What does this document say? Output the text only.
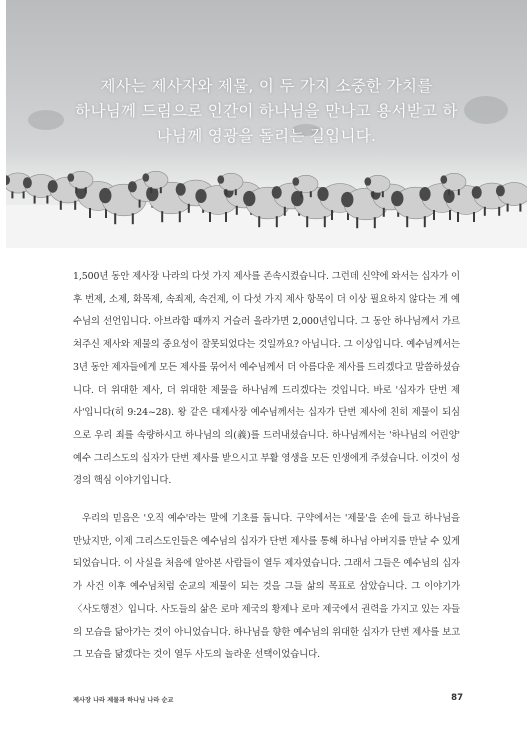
제사는 제사자와 제물, 이 두 가지 소중한 가치를
하나님께 드림으로 인간이 하나님을 만나고 용서받고 하
나님께 영광을 돌리는 길입니다.

1,500년 동안 제사장 나라의 다섯 가지 제사를 존속시켰습니다. 그런데 신약에 와서는 십자가 이후 번제, 소제, 화목제, 속죄제, 속건제, 이 다섯 가지 제사 항목이 더 이상 필요하지 않다는 게 예수님의 선언입니다. 아브라함 때까지 거슬러 올라가면 2,000년입니다. 그 동안 하나님께서 가르쳐주신 제사와 제물의 중요성이 잘못되었다는 것일까요? 아닙니다. 그 이상입니다. 예수님께서는 3년 동안 제자들에게 모든 제사를 묶어서 예수님께서 더 아름다운 제사를 드리겠다고 말씀하셨습니다. 더 위대한 제사, 더 위대한 제물을 하나님께 드리겠다는 것입니다. 바로 '십자가 단번 제사'입니다(히 9:24~28). 왕 같은 대제사장 예수님께서는 십자가 단번 제사에 친히 제물이 되심으로 우리 죄를 속량하시고 하나님의 의(義)를 드러내셨습니다. 하나님께서는 '하나님의 어린양' 예수 그리스도의 십자가 단번 제사를 받으시고 부활 영생을 모든 인생에게 주셨습니다. 이것이 성경의 핵심 이야기입니다.

우리의 믿음은 '오직 예수'라는 말에 기초를 둡니다. 구약에서는 '제물'을 손에 들고 하나님을 만났지만, 이제 그리스도인들은 예수님의 십자가 단번 제사를 통해 하나님 아버지를 만날 수 있게 되었습니다. 이 사실을 처음에 알아본 사람들이 열두 제자였습니다. 그래서 그들은 예수님의 십자가 사건 이후 예수님처럼 순교의 제물이 되는 것을 그들 삶의 목표로 삼았습니다. 그 이야기가 〈사도행전〉입니다. 사도들의 삶은 로마 제국의 황제나 로마 제국에서 권력을 가지고 있는 자들의 모습을 닮아가는 것이 아니었습니다. 하나님을 향한 예수님의 위대한 십자가 단번 제사를 보고 그 모습을 닮겠다는 것이 열두 사도의 놀라운 선택이었습니다.

제사장 나라 제물과 하나님 나라 순교	87
